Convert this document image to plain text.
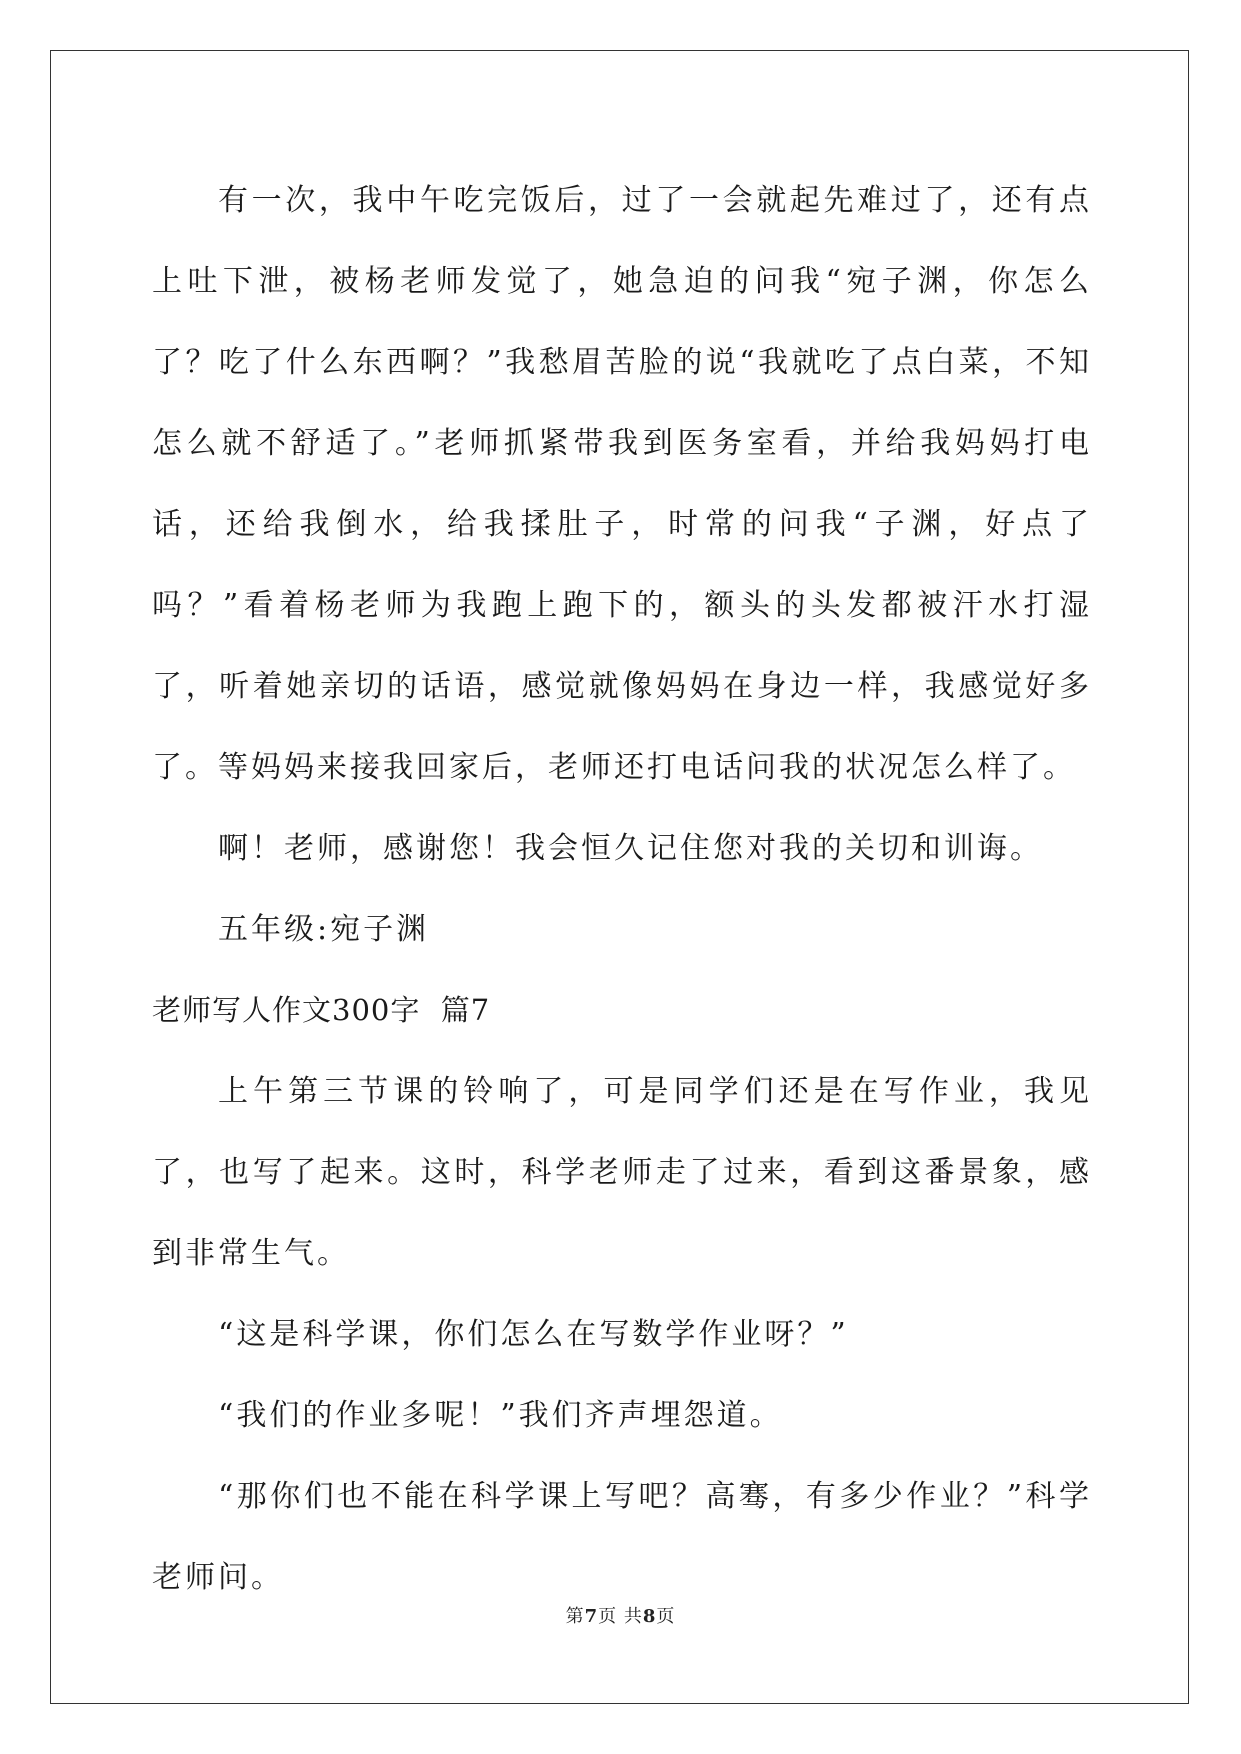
有一次，我中午吃完饭后，过了一会就起先难过了，还有点上吐下泄，被杨老师发觉了，她急迫的问我“宛子渊，你怎么了？吃了什么东西啊？”我愁眉苦脸的说“我就吃了点白菜，不知怎么就不舒适了。”老师抓紧带我到医务室看，并给我妈妈打电话，还给我倒水，给我揉肚子，时常的问我“子渊，好点了吗？”看着杨老师为我跑上跑下的，额头的头发都被汗水打湿了，听着她亲切的话语，感觉就像妈妈在身边一样，我感觉好多了。等妈妈来接我回家后，老师还打电话问我的状况怎么样了。

啊！老师，感谢您！我会恒久记住您对我的关切和训诲。

五年级:宛子渊

老师写人作文300字  篇7

上午第三节课的铃响了，可是同学们还是在写作业，我见了，也写了起来。这时，科学老师走了过来，看到这番景象，感到非常生气。

“这是科学课，你们怎么在写数学作业呀？”

“我们的作业多呢！”我们齐声埋怨道。

“那你们也不能在科学课上写吧？高骞，有多少作业？”科学老师问。

第7页 共8页
